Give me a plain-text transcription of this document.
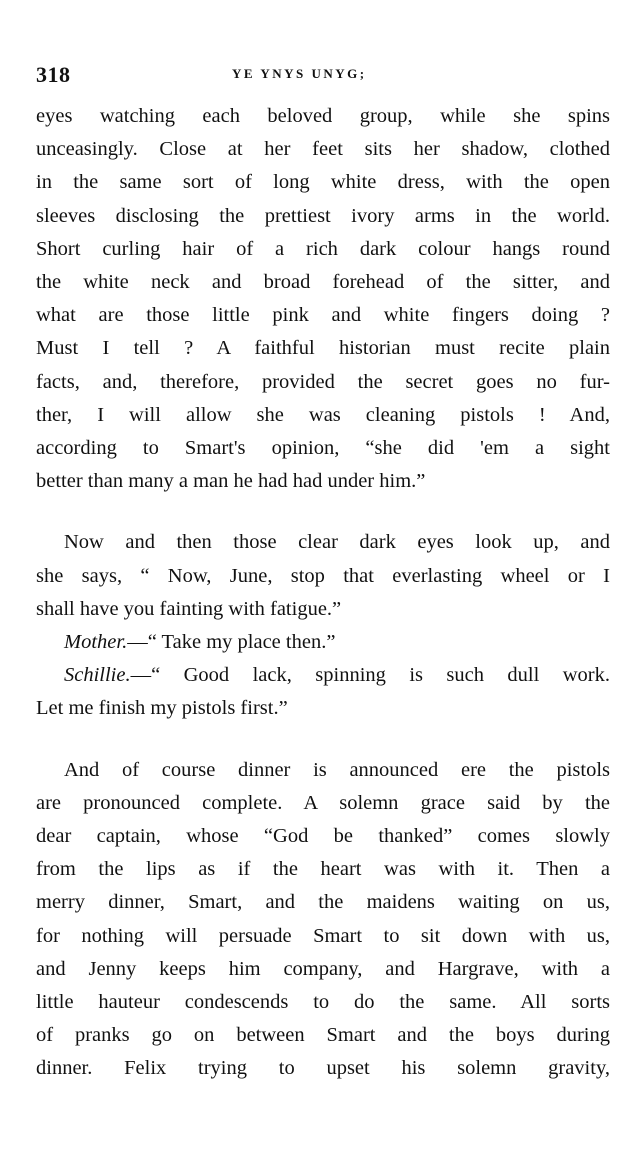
318	YE YNYS UNYG;

eyes watching each beloved group, while she spins
unceasingly. Close at her feet sits her shadow, clothed
in the same sort of long white dress, with the open
sleeves disclosing the prettiest ivory arms in the world.
Short curling hair of a rich dark colour hangs round
the white neck and broad forehead of the sitter, and
what are those little pink and white fingers doing ?
Must I tell ? A faithful historian must recite plain
facts, and, therefore, provided the secret goes no fur-
ther, I will allow she was cleaning pistols ! And,
according to Smart's opinion, “she did 'em a sight
better than many a man he had had under him.”

Now and then those clear dark eyes look up, and
she says, “ Now, June, stop that everlasting wheel or I
shall have you fainting with fatigue.”
Mother.—“ Take my place then.”
Schillie.—“ Good lack, spinning is such dull work.
Let me finish my pistols first.”

And of course dinner is announced ere the pistols
are pronounced complete. A solemn grace said by the
dear captain, whose “God be thanked” comes slowly
from the lips as if the heart was with it. Then a
merry dinner, Smart, and the maidens waiting on us,
for nothing will persuade Smart to sit down with us,
and Jenny keeps him company, and Hargrave, with a
little hauteur condescends to do the same. All sorts
of pranks go on between Smart and the boys during
dinner. Felix trying to upset his solemn gravity,
